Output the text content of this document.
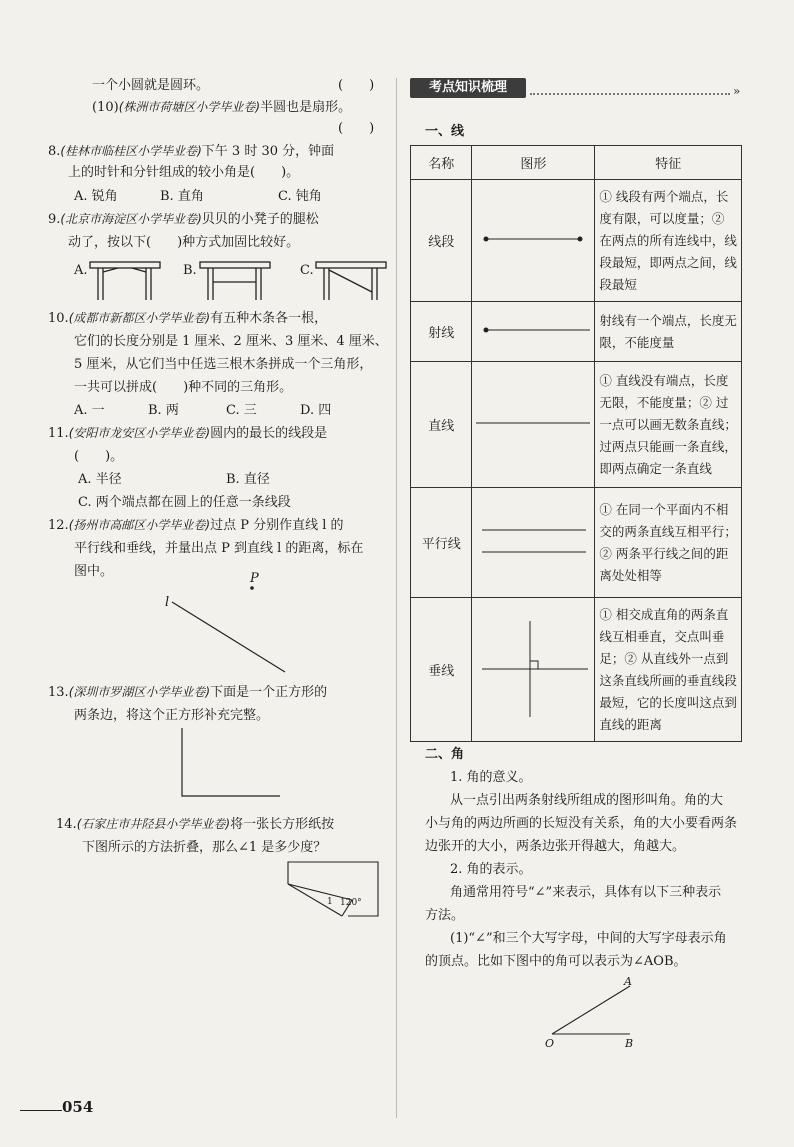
一个小圆就是圆环。	(　　)
(10)(株洲市荷塘区小学毕业卷)半圆也是扇形。
(　　)
8.(桂林市临桂区小学毕业卷)下午 3 时 30 分，钟面
上的时针和分针组成的较小角是(　　)。
A. 锐角	B. 直角	C. 钝角
9.(北京市海淀区小学毕业卷)贝贝的小凳子的腿松
动了，按以下(　　)种方式加固比较好。
A.	B.	C.
10.(成都市新都区小学毕业卷)有五种木条各一根，
它们的长度分别是 1 厘米、2 厘米、3 厘米、4 厘米、
5 厘米，从它们当中任选三根木条拼成一个三角形，
一共可以拼成(　　)种不同的三角形。
A. 一	B. 两	C. 三	D. 四
11.(安阳市龙安区小学毕业卷)圆内的最长的线段是
(　　)。
A. 半径	B. 直径
C. 两个端点都在圆上的任意一条线段
12.(扬州市高邮区小学毕业卷)过点 P 分别作直线 l 的
平行线和垂线，并量出点 P 到直线 l 的距离，标在
图中。	P
l
13.(深圳市罗湖区小学毕业卷)下面是一个正方形的
两条边，将这个正方形补充完整。
14.(石家庄市井陉县小学毕业卷)将一张长方形纸按
下图所示的方法折叠，那么∠1 是多少度？
1 120°
054
考点知识梳理	»
一、线
名称	图形	特征
线段		① 线段有两个端点，长度有限，可以度量；② 在两点的所有连线中，线段最短，即两点之间，线段最短
射线		射线有一个端点，长度无限，不能度量
直线		① 直线没有端点，长度无限，不能度量；② 过一点可以画无数条直线；过两点只能画一条直线，即两点确定一条直线
平行线		① 在同一个平面内不相交的两条直线互相平行；② 两条平行线之间的距离处处相等
垂线		① 相交成直角的两条直线互相垂直，交点叫垂足；② 从直线外一点到这条直线所画的垂直线段最短，它的长度叫这点到直线的距离
二、角
1. 角的意义。
从一点引出两条射线所组成的图形叫角。角的大
小与角的两边所画的长短没有关系，角的大小要看两条
边张开的大小，两条边张开得越大，角越大。
2. 角的表示。
角通常用符号“∠”来表示，具体有以下三种表示
方法。
(1)“∠”和三个大写字母，中间的大写字母表示角
的顶点。比如下图中的角可以表示为∠AOB。
A
O	B
